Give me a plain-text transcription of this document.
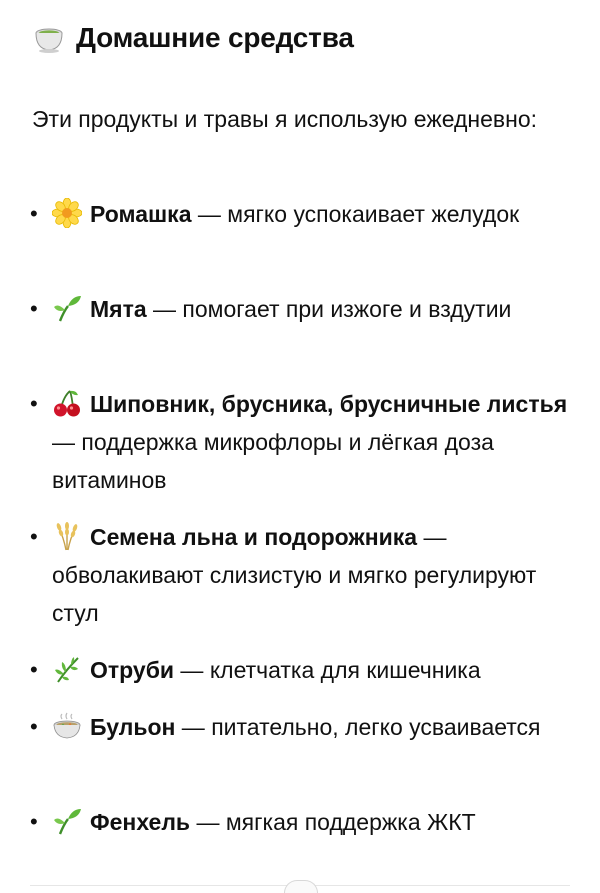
Домашние средства
Эти продукты и травы я использую ежедневно:
•	Ромашка — мягко успокаивает желудок
•	Мята — помогает при изжоге и вздутии
•	Шиповник, брусника, брусничные листья — поддержка микрофлоры и лёгкая доза витаминов
•	Семена льна и подорожника — обволакивают слизистую и мягко регулируют стул
•	Отруби — клетчатка для кишечника
•	Бульон — питательно, легко усваивается
•	Фенхель — мягкая поддержка ЖКТ
